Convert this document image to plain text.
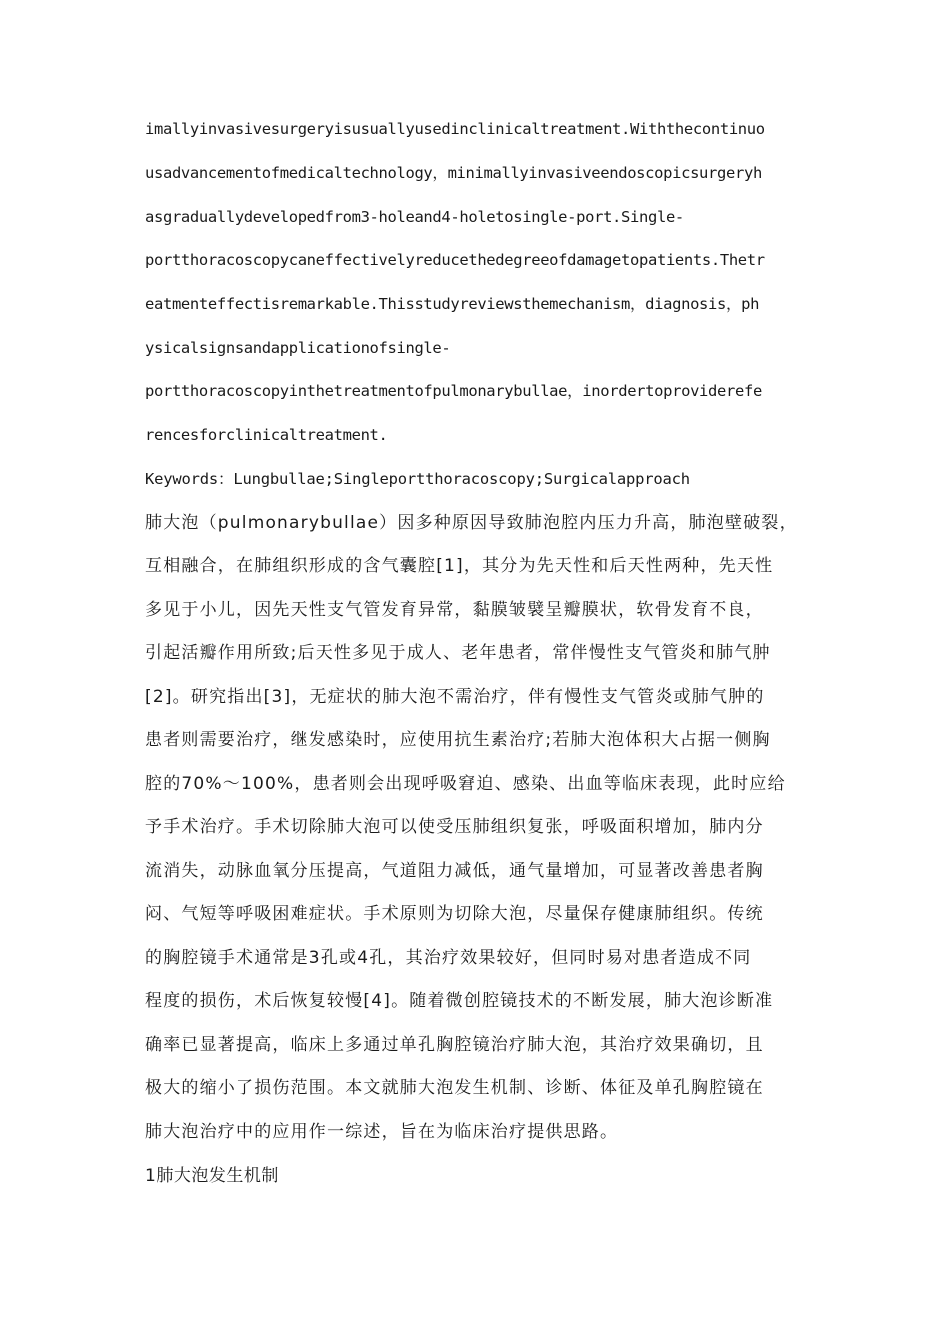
imallyinvasivesurgeryisusuallyusedinclinicaltreatment.Withthecontinuo
usadvancementofmedicaltechnology，minimallyinvasiveendoscopicsurgeryh
asgraduallydevelopedfrom3-holeand4-holetosingle-port.Single-
portthoracoscopycaneffectivelyreducethedegreeofdamagetopatients.Thetr
eatmenteffectisremarkable.Thisstudyreviewsthemechanism，diagnosis，ph
ysicalsignsandapplicationofsingle-
portthoracoscopyinthetreatmentofpulmonarybullae，inordertoproviderefe
rencesforclinicaltreatment.
Keywords：Lungbullae;Singleportthoracoscopy;Surgicalapproach
肺大泡（pulmonarybullae）因多种原因导致肺泡腔内压力升高，肺泡壁破裂，
互相融合，在肺组织形成的含气囊腔[1]，其分为先天性和后天性两种，先天性
多见于小儿，因先天性支气管发育异常，黏膜皱襞呈瓣膜状，软骨发育不良，
引起活瓣作用所致;后天性多见于成人、老年患者，常伴慢性支气管炎和肺气肿
[2]。研究指出[3]，无症状的肺大泡不需治疗，伴有慢性支气管炎或肺气肿的
患者则需要治疗，继发感染时，应使用抗生素治疗;若肺大泡体积大占据一侧胸
腔的70%～100%，患者则会出现呼吸窘迫、感染、出血等临床表现，此时应给
予手术治疗。手术切除肺大泡可以使受压肺组织复张，呼吸面积增加，肺内分
流消失，动脉血氧分压提高，气道阻力减低，通气量增加，可显著改善患者胸
闷、气短等呼吸困难症状。手术原则为切除大泡，尽量保存健康肺组织。传统
的胸腔镜手术通常是3孔或4孔，其治疗效果较好，但同时易对患者造成不同
程度的损伤，术后恢复较慢[4]。随着微创腔镜技术的不断发展，肺大泡诊断准
确率已显著提高，临床上多通过单孔胸腔镜治疗肺大泡，其治疗效果确切，且
极大的缩小了损伤范围。本文就肺大泡发生机制、诊断、体征及单孔胸腔镜在
肺大泡治疗中的应用作一综述，旨在为临床治疗提供思路。
1肺大泡发生机制
